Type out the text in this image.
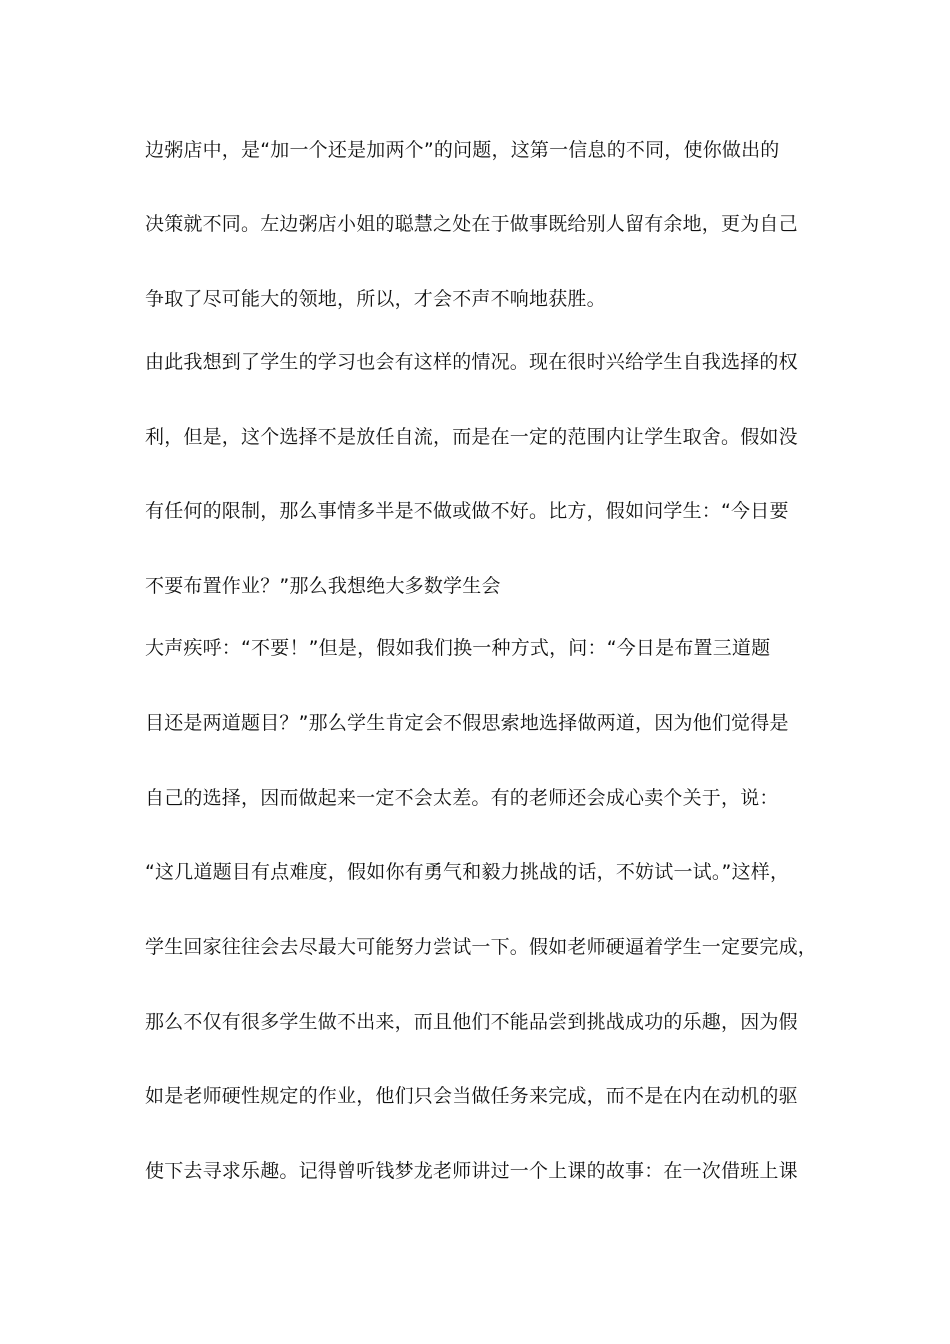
边粥店中，是“加一个还是加两个”的问题，这第一信息的不同，使你做出的
决策就不同。左边粥店小姐的聪慧之处在于做事既给别人留有余地，更为自己
争取了尽可能大的领地，所以，才会不声不响地获胜。
由此我想到了学生的学习也会有这样的情况。现在很时兴给学生自我选择的权
利，但是，这个选择不是放任自流，而是在一定的范围内让学生取舍。假如没
有任何的限制，那么事情多半是不做或做不好。比方，假如问学生：“今日要
不要布置作业？”那么我想绝大多数学生会
大声疾呼：“不要！”但是，假如我们换一种方式，问：“今日是布置三道题
目还是两道题目？”那么学生肯定会不假思索地选择做两道，因为他们觉得是
自己的选择，因而做起来一定不会太差。有的老师还会成心卖个关于，说：
“这几道题目有点难度，假如你有勇气和毅力挑战的话，不妨试一试。”这样，
学生回家往往会去尽最大可能努力尝试一下。假如老师硬逼着学生一定要完成，
那么不仅有很多学生做不出来，而且他们不能品尝到挑战成功的乐趣，因为假
如是老师硬性规定的作业，他们只会当做任务来完成，而不是在内在动机的驱
使下去寻求乐趣。记得曾听钱梦龙老师讲过一个上课的故事：在一次借班上课
